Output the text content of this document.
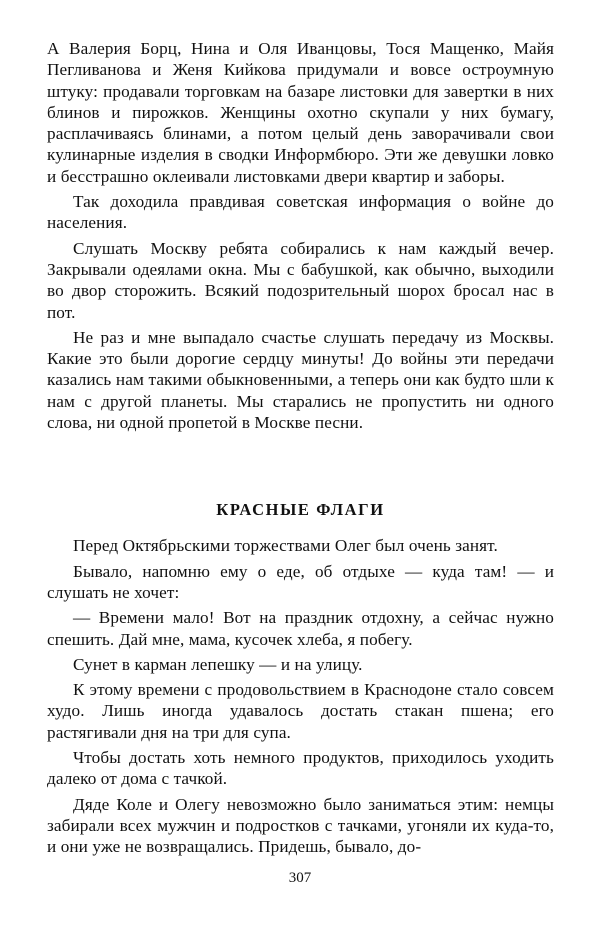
А Валерия Борц, Нина и Оля Иванцовы, Тося Мащенко, Майя Пегливанова и Женя Кийкова придумали и вовсе остроумную штуку: продавали торговкам на базаре листовки для завертки в них блинов и пирожков. Женщины охотно скупали у них бумагу, расплачиваясь блинами, а потом целый день заворачивали свои кулинарные изделия в сводки Информбюро. Эти же девушки ловко и бесстрашно оклеивали листовками двери квартир и заборы.

Так доходила правдивая советская информация о войне до населения.

Слушать Москву ребята собирались к нам каждый вечер. Закрывали одеялами окна. Мы с бабушкой, как обычно, выходили во двор сторожить. Всякий подозрительный шорох бросал нас в пот.

Не раз и мне выпадало счастье слушать передачу из Москвы. Какие это были дорогие сердцу минуты! До войны эти передачи казались нам такими обыкновенными, а теперь они как будто шли к нам с другой планеты. Мы старались не пропустить ни одного слова, ни одной пропетой в Москве песни.

КРАСНЫЕ ФЛАГИ

Перед Октябрьскими торжествами Олег был очень занят.

Бывало, напомню ему о еде, об отдыхе — куда там! — и слушать не хочет:

— Времени мало! Вот на праздник отдохну, а сейчас нужно спешить. Дай мне, мама, кусочек хлеба, я побегу.

Сунет в карман лепешку — и на улицу.

К этому времени с продовольствием в Краснодоне стало совсем худо. Лишь иногда удавалось достать стакан пшена; его растягивали дня на три для супа.

Чтобы достать хоть немного продуктов, приходилось уходить далеко от дома с тачкой.

Дяде Коле и Олегу невозможно было заниматься этим: немцы забирали всех мужчин и подростков с тачками, угоняли их куда-то, и они уже не возвращались. Придешь, бывало, до-

307
